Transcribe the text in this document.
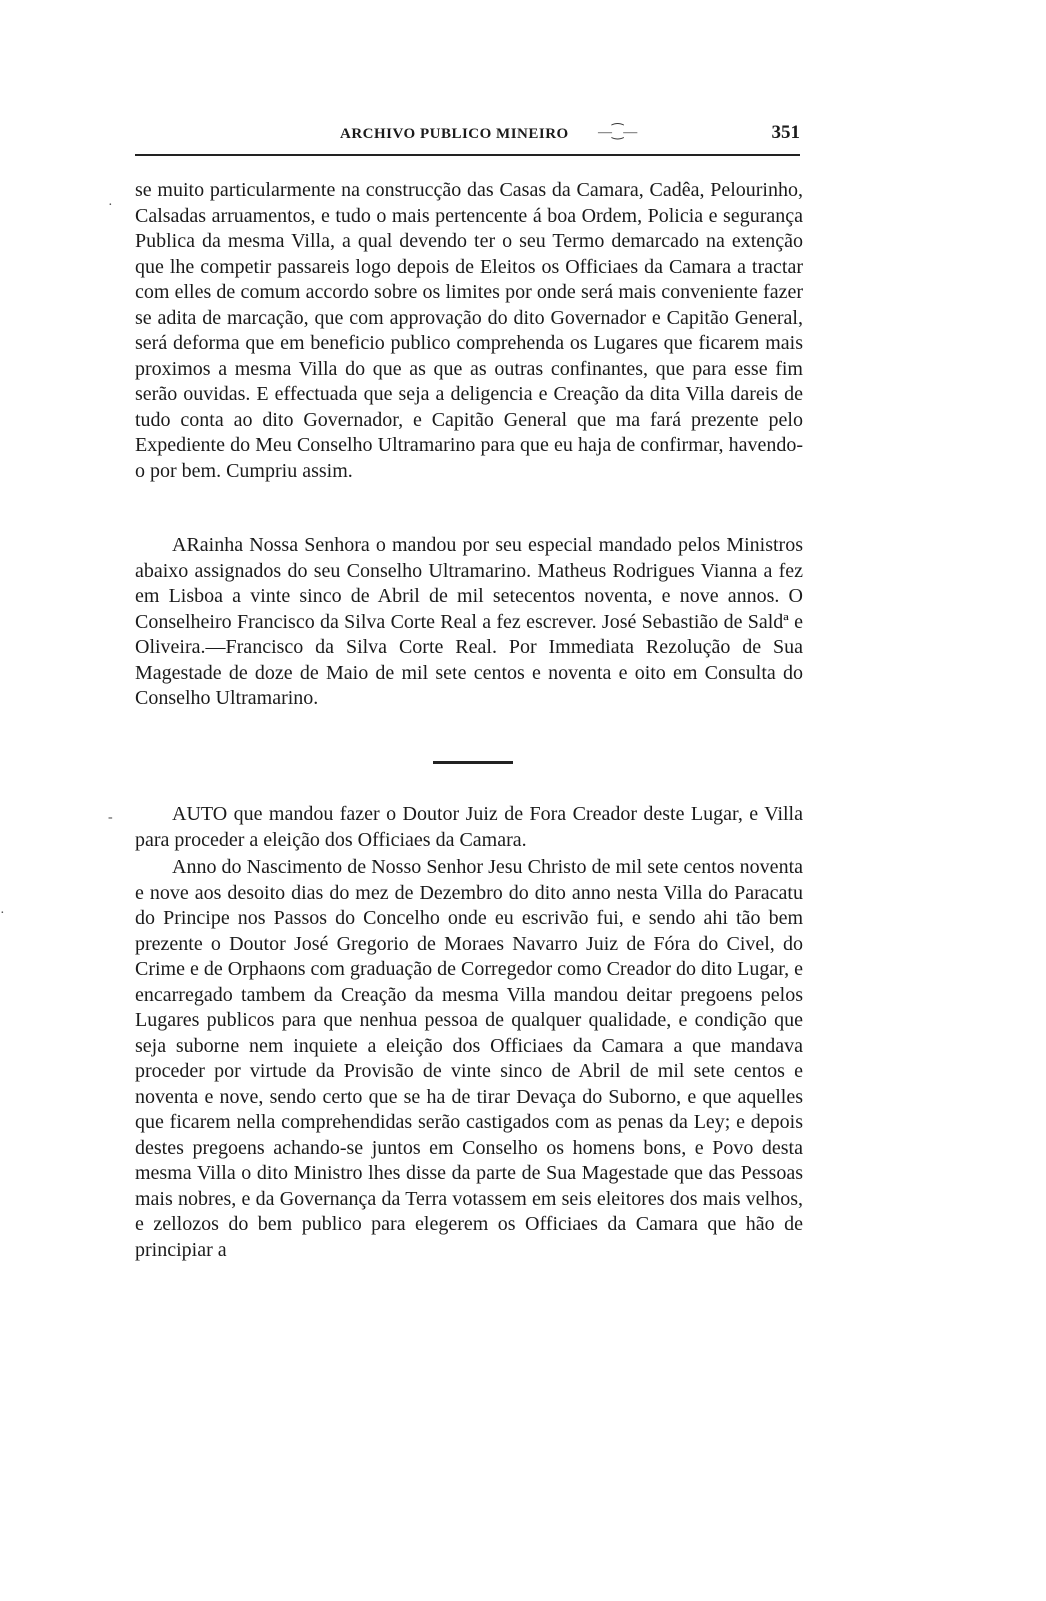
ARCHIVO PUBLICO MINEIRO —⁐—	351

se muito particularmente na construcção das Casas da Camara, Cadêa, Pelourinho, Calsadas arruamentos, e tudo o mais pertencente á boa Ordem, Policia e segurança Publica da mesma Villa, a qual devendo ter o seu Termo demarcado na extenção que lhe competir passareis logo depois de Eleitos os Officiaes da Camara a tractar com elles de comum accordo sobre os limites por onde será mais conveniente fazer se adita de marcação, que com approvação do dito Governador e Capitão General, será deforma que em beneficio publico comprehenda os Lugares que ficarem mais proximos a mesma Villa do que as que as outras confinantes, que para esse fim serão ouvidas. E effectuada que seja a deligencia e Creação da dita Villa dareis de tudo conta ao dito Governador, e Capitão General que ma fará prezente pelo Expediente do Meu Conselho Ultramarino para que eu haja de confirmar, havendo-o por bem. Cumpriu assim.

ARainha Nossa Senhora o mandou por seu especial mandado pelos Ministros abaixo assignados do seu Conselho Ultramarino. Matheus Rodrigues Vianna a fez em Lisboa a vinte sinco de Abril de mil setecentos noventa, e nove annos. O Conselheiro Francisco da Silva Corte Real a fez escrever. José Sebastião de Saldª e Oliveira.—Francisco da Silva Corte Real. Por Immediata Rezolução de Sua Magestade de doze de Maio de mil sete centos e noventa e oito em Consulta do Conselho Ultramarino.

AUTO que mandou fazer o Doutor Juiz de Fora Creador deste Lugar, e Villa para proceder a eleição dos Officiaes da Camara.

Anno do Nascimento de Nosso Senhor Jesu Christo de mil sete centos noventa e nove aos desoito dias do mez de Dezembro do dito anno nesta Villa do Paracatu do Principe nos Passos do Concelho onde eu escrivão fui, e sendo ahi tão bem prezente o Doutor José Gregorio de Moraes Navarro Juiz de Fóra do Civel, do Crime e de Orphaons com graduação de Corregedor como Creador do dito Lugar, e encarregado tambem da Creação da mesma Villa mandou deitar pregoens pelos Lugares publicos para que nenhua pessoa de qualquer qualidade, e condição que seja suborne nem inquiete a eleição dos Officiaes da Camara a que mandava proceder por virtude da Provisão de vinte sinco de Abril de mil sete centos e noventa e nove, sendo certo que se ha de tirar Devaça do Suborno, e que aquelles que ficarem nella comprehendidas serão castigados com as penas da Ley; e depois destes pregoens achando-se juntos em Conselho os homens bons, e Povo desta mesma Villa o dito Ministro lhes disse da parte de Sua Magestade que das Pessoas mais nobres, e da Governança da Terra votassem em seis eleitores dos mais velhos, e zellozos do bem publico para elegerem os Officiaes da Camara que hão de principiar a

·
-
·
